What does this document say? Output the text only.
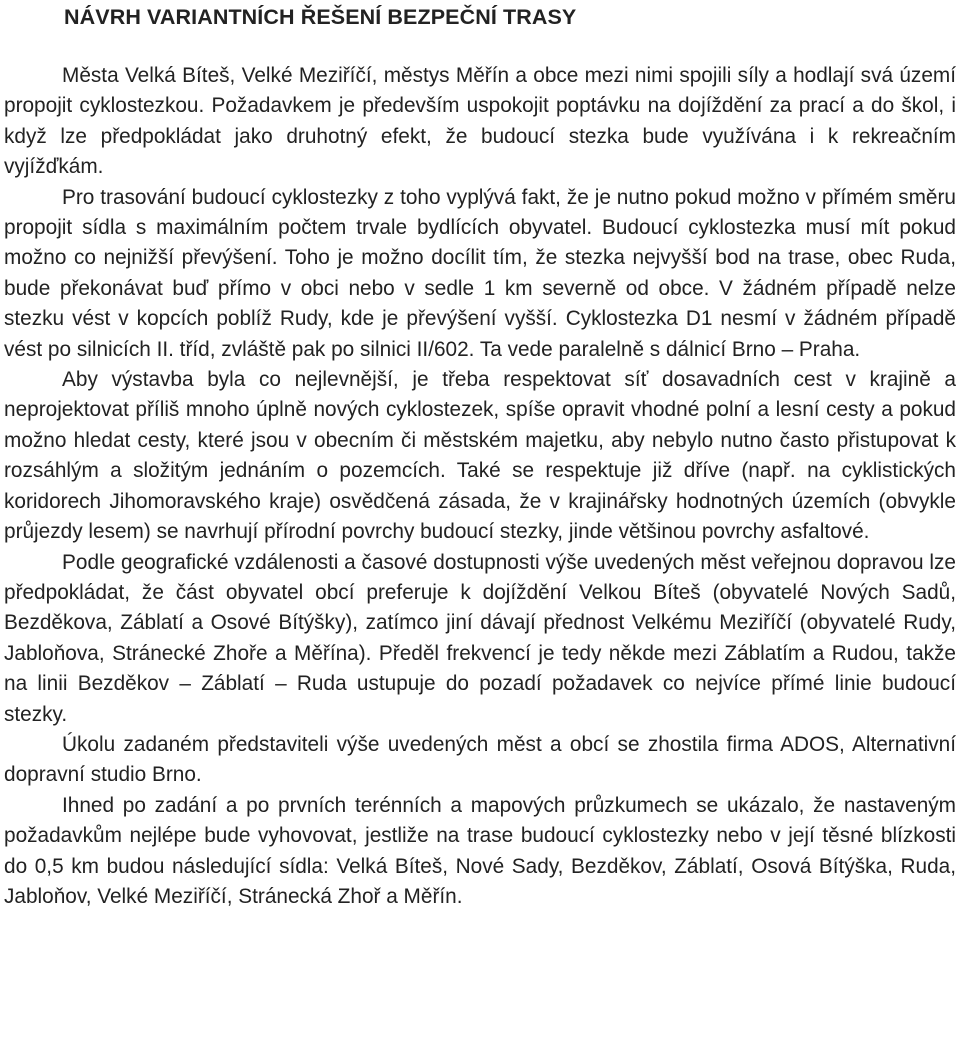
NÁVRH VARIANTNÍCH ŘEŠENÍ BEZPEČNÍ TRASY

Města Velká Bíteš, Velké Meziříčí, městys Měřín a obce mezi nimi spojili síly a hodlají svá území propojit cyklostezkou. Požadavkem je především uspokojit poptávku na dojíždění za prací a do škol, i když lze předpokládat jako druhotný efekt, že budoucí stezka bude využívána i k rekreačním vyjížďkám.

Pro trasování budoucí cyklostezky z toho vyplývá fakt, že je nutno pokud možno v přímém směru propojit sídla s maximálním počtem trvale bydlících obyvatel. Budoucí cyklostezka musí mít pokud možno co nejnižší převýšení. Toho je možno docílit tím, že stezka nejvyšší bod na trase, obec Ruda, bude překonávat buď přímo v obci nebo v sedle 1 km severně od obce. V žádném případě nelze stezku vést v kopcích poblíž Rudy, kde je převýšení vyšší. Cyklostezka D1 nesmí v žádném případě vést po silnicích II. tříd, zvláště pak po silnici II/602. Ta vede paralelně s dálnicí Brno – Praha.

Aby výstavba byla co nejlevnější, je třeba respektovat síť dosavadních cest v krajině a neprojektovat příliš mnoho úplně nových cyklostezek, spíše opravit vhodné polní a lesní cesty a pokud možno hledat cesty, které jsou v obecním či městském majetku, aby nebylo nutno často přistupovat k rozsáhlým a složitým jednáním o pozemcích. Také se respektuje již dříve (např. na cyklistických koridorech Jihomoravského kraje) osvědčená zásada, že v krajinářsky hodnotných územích (obvykle průjezdy lesem) se navrhují přírodní povrchy budoucí stezky, jinde většinou povrchy asfaltové.

Podle geografické vzdálenosti a časové dostupnosti výše uvedených měst veřejnou dopravou lze předpokládat, že část obyvatel obcí preferuje k dojíždění Velkou Bíteš (obyvatelé Nových Sadů, Bezděkova, Záblatí a Osové Bítýšky), zatímco jiní dávají přednost Velkému Meziříčí (obyvatelé Rudy, Jabloňova, Stránecké Zhoře a Měřína). Předěl frekvencí je tedy někde mezi Záblatím a Rudou, takže na linii Bezděkov – Záblatí – Ruda ustupuje do pozadí požadavek co nejvíce přímé linie budoucí stezky.

Úkolu zadaném představiteli výše uvedených měst a obcí se zhostila firma ADOS, Alternativní dopravní studio Brno.

Ihned po zadání a po prvních terénních a mapových průzkumech se ukázalo, že nastaveným požadavkům nejlépe bude vyhovovat, jestliže na trase budoucí cyklostezky nebo v její těsné blízkosti do 0,5 km budou následující sídla: Velká Bíteš, Nové Sady, Bezděkov, Záblatí, Osová Bítýška, Ruda, Jabloňov, Velké Meziříčí, Stránecká Zhoř a Měřín.
